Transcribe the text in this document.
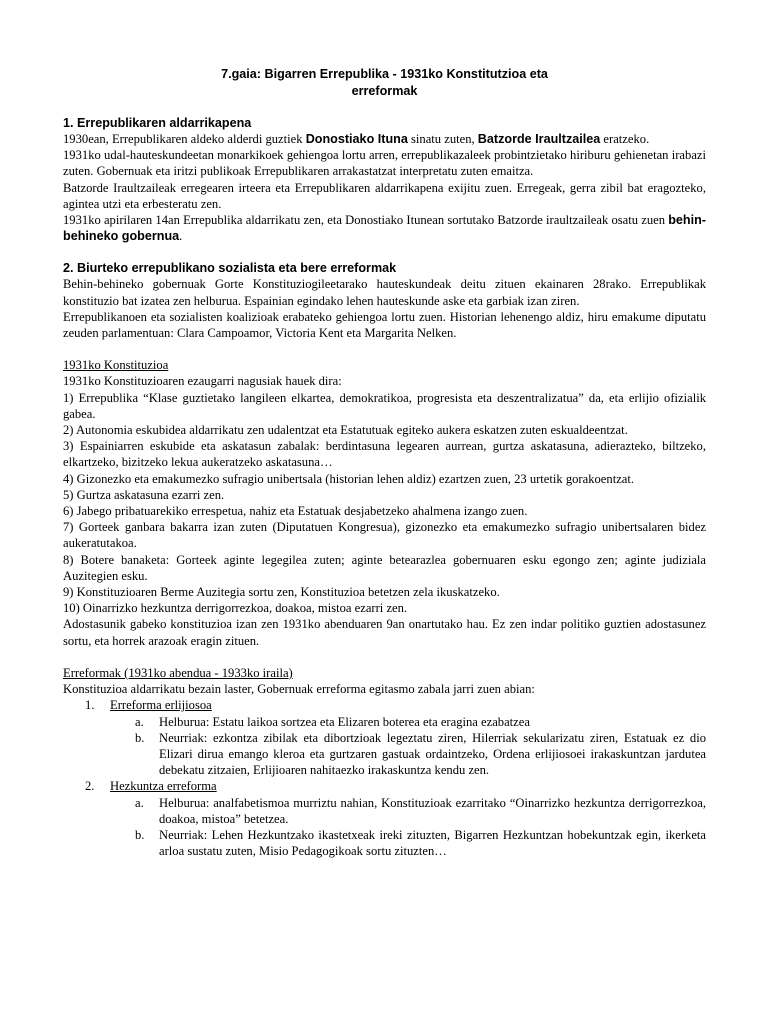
7.gaia: Bigarren Errepublika - 1931ko Konstitutzioa eta
erreformak
1. Errepublikaren aldarrikapena

1930ean, Errepublikaren aldeko alderdi guztiek Donostiako Ituna sinatu zuten, Batzorde Iraultzailea eratzeko.

1931ko udal-hauteskundeetan monarkikoek gehiengoa lortu arren, errepublikazaleek probintzietako hiriburu gehienetan irabazi zuten. Gobernuak eta iritzi publikoak Errepublikaren arrakastatzat interpretatu zuten emaitza.

Batzorde Iraultzaileak erregearen irteera eta Errepublikaren aldarrikapena exijitu zuen. Erregeak, gerra zibil bat eragozteko, agintea utzi eta erbesteratu zen.

1931ko apirilaren 14an Errepublika aldarrikatu zen, eta Donostiako Itunean sortutako Batzorde iraultzaileak osatu zuen behin-behineko gobernua.

2. Biurteko errepublikano sozialista eta bere erreformak

Behin-behineko gobernuak Gorte Konstituziogileetarako hauteskundeak deitu zituen ekainaren 28rako. Errepublikak konstituzio bat izatea zen helburua. Espainian egindako lehen hauteskunde aske eta garbiak izan ziren.

Errepublikanoen eta sozialisten koalizioak erabateko gehiengoa lortu zuen. Historian lehenengo aldiz, hiru emakume diputatu zeuden parlamentuan: Clara Campoamor, Victoria Kent eta Margarita Nelken.

1931ko Konstituzioa

1931ko Konstituzioaren ezaugarri nagusiak hauek dira:

1) Errepublika “Klase guztietako langileen elkartea, demokratikoa, progresista eta deszentralizatua” da, eta erlijio ofizialik gabea.

2) Autonomia eskubidea aldarrikatu zen udalentzat eta Estatutuak egiteko aukera eskatzen zuten eskualdeentzat.

3) Espainiarren eskubide eta askatasun zabalak: berdintasuna legearen aurrean, gurtza askatasuna, adierazteko, biltzeko, elkartzeko, bizitzeko lekua aukeratzeko askatasuna…

4) Gizonezko eta emakumezko sufragio unibertsala (historian lehen aldiz) ezartzen zuen, 23 urtetik gorakoentzat.

5) Gurtza askatasuna ezarri zen.

6) Jabego pribatuarekiko errespetua, nahiz eta Estatuak desjabetzeko ahalmena izango zuen.

7) Gorteek ganbara bakarra izan zuten (Diputatuen Kongresua), gizonezko eta emakumezko sufragio unibertsalaren bidez aukeratutakoa.

8) Botere banaketa: Gorteek aginte legegilea zuten; aginte betearazlea gobernuaren esku egongo zen; aginte judiziala Auzitegien esku.

9) Konstituzioaren Berme Auzitegia sortu zen, Konstituzioa betetzen zela ikuskatzeko.

10) Oinarrizko hezkuntza derrigorrezkoa, doakoa, mistoa ezarri zen.

Adostasunik gabeko konstituzioa izan zen 1931ko abenduaren 9an onartutako hau. Ez zen indar politiko guztien adostasunez sortu, eta horrek arazoak eragin zituen.

Erreformak (1931ko abendua - 1933ko iraila)

Konstituzioa aldarrikatu bezain laster, Gobernuak erreforma egitasmo zabala jarri zuen abian:

1. Erreforma erlijiosoa
a. Helburua: Estatu laikoa sortzea eta Elizaren boterea eta eragina ezabatzea
b. Neurriak: ezkontza zibilak eta dibortzioak legeztatu ziren, Hilerriak sekularizatu ziren, Estatuak ez dio Elizari dirua emango kleroa eta gurtzaren gastuak ordaintzeko, Ordena erlijiosoei irakaskuntzan jardutea debekatu zitzaien, Erlijioaren nahitaezko irakaskuntza kendu zen.
2. Hezkuntza erreforma
a. Helburua: analfabetismoa murriztu nahian, Konstituzioak ezarritako “Oinarrizko hezkuntza derrigorrezkoa, doakoa, mistoa” betetzea.
b. Neurriak: Lehen Hezkuntzako ikastetxeak ireki zituzten, Bigarren Hezkuntzan hobekuntzak egin, ikerketa arloa sustatu zuten, Misio Pedagogikoak sortu zituzten…
